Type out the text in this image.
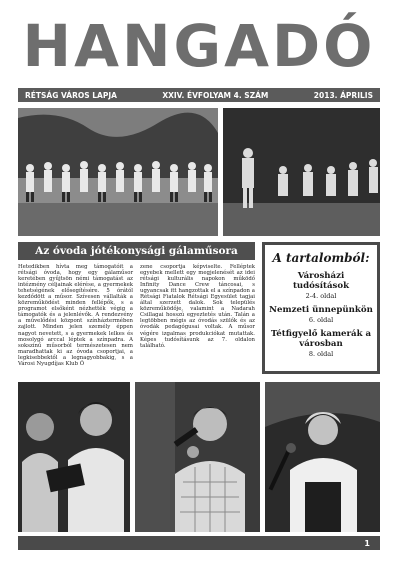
HANGADÓ
RÉTSÁG VÁROS LAPJA	XXIV. ÉVFOLYAM 4. SZÁM	2013. ÁPRILIS
Az óvoda jótékonysági gálaműsora

Hetedikben hívta meg támogatóit a rétsági óvoda, hogy egy gálaműsor keretében gyűjtsön némi támogatást az intézmény céljainak elérése, a gyermekek tehetségének elősegítésére. 5 órától kezdődött a műsor. Szívesen vállalták a közreműködést minden fellépők, s a programot elsőként nézhették végig a támogatók és a jelenlévők. A rendezvény a művelődési központ színháztermében zajlott. Minden jelen személy éppen nagyot nevetett, s a gyermekek lelkes és mosolygó arccal léptek a színpadra. A sokszínű műsorból természetesen nem maradhattak ki az óvoda csoportjai, a legkisebbektől a legnagyobbakig, s a Városi Nyugdíjas Klub Ő

zene csoportja képviselte. Felléptek egyebek mellett egy megjelenését az idei rétsági kulturális napokon működő Infinity Dance Crew táncosai, s ugyancsak itt hangzottak el a színpadon a Rétsági Fiatalok Rétsági Egyesület tagjai által szerzett dalok. Sok település közreműködője, valamint a Nadarah Csillagai hosszú egyeztetés után. Talán a legtöbben mégis az óvodás szülők és az óvodák pedagógusai voltak. A műsor végére izgalmas produkciókat mutattak. Képes tudósításunk az 7. oldalon található.

A tartalomból:
Városházi tudósítások
2-4. oldal
Nemzeti ünnepünkön
6. oldal
Tétfigyelő kamerák a városban
8. oldal
1
